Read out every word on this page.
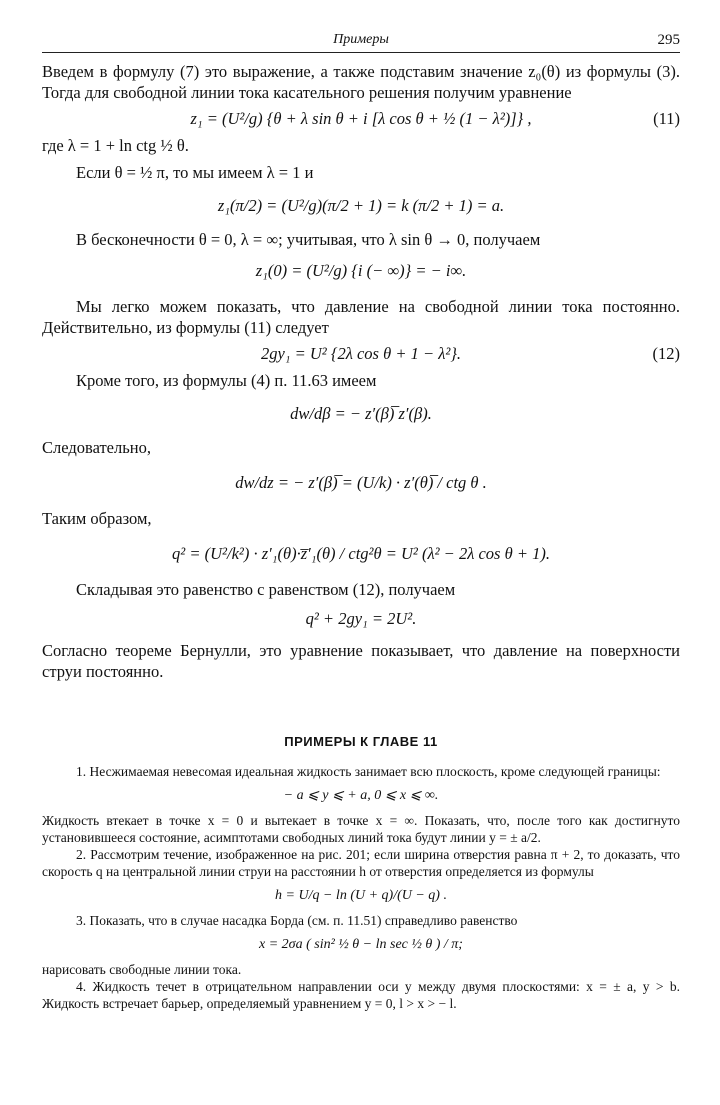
Примеры	295

Введем в формулу (7) это выражение, а также подставим значение z₀(θ) из формулы (3). Тогда для свободной линии тока касательного решения получим уравнение

z₁ = (U²/g) {θ + λ sin θ + i [λ cos θ + ½ (1 − λ²)]} ,	(11)

где λ = 1 + ln ctg ½ θ.

Если θ = ½ π, то мы имеем λ = 1 и

z₁(π/2) = (U²/g)(π/2 + 1) = k (π/2 + 1) = a.

В бесконечности θ = 0, λ = ∞; учитывая, что λ sin θ → 0, получаем

z₁(0) = (U²/g) {i (− ∞)} = − i∞.

Мы легко можем показать, что давление на свободной линии тока постоянно. Действительно, из формулы (11) следует

2gy₁ = U² {2λ cos θ + 1 − λ²}.	(12)

Кроме того, из формулы (4) п. 11.63 имеем

dw/dβ = − z′(β)̅ z′(β).

Следовательно,

dw/dz = − z′(β)̅ = (U/k) · z′(θ)̅ / ctg θ .

Таким образом,

q² = (U²/k²) · z′₁(θ)·z̅′₁(θ) / ctg²θ = U² (λ² − 2λ cos θ + 1).

Складывая это равенство с равенством (12), получаем

q² + 2gy₁ = 2U².

Согласно теореме Бернулли, это уравнение показывает, что давление на поверхности струи постоянно.

ПРИМЕРЫ К ГЛАВЕ 11

1. Несжимаемая невесомая идеальная жидкость занимает всю плоскость, кроме следующей границы:

− a ⩽ y ⩽ + a, 0 ⩽ x ⩽ ∞.

Жидкость втекает в точке x = 0 и вытекает в точке x = ∞. Показать, что, после того как достигнуто установившееся состояние, асимптотами свободных линий тока будут линии y = ± a/2.

2. Рассмотрим течение, изображенное на рис. 201; если ширина отверстия равна π + 2, то доказать, что скорость q на центральной линии струи на расстоянии h от отверстия определяется из формулы

h = U/q − ln (U + q)/(U − q) .

3. Показать, что в случае насадка Борда (см. п. 11.51) справедливо равенство

x = 2σa ( sin² ½ θ − ln sec ½ θ ) / π;

нарисовать свободные линии тока.

4. Жидкость течет в отрицательном направлении оси y между двумя плоскостями: x = ± a, y > b. Жидкость встречает барьер, определяемый уравнением y = 0, l > x > − l.
